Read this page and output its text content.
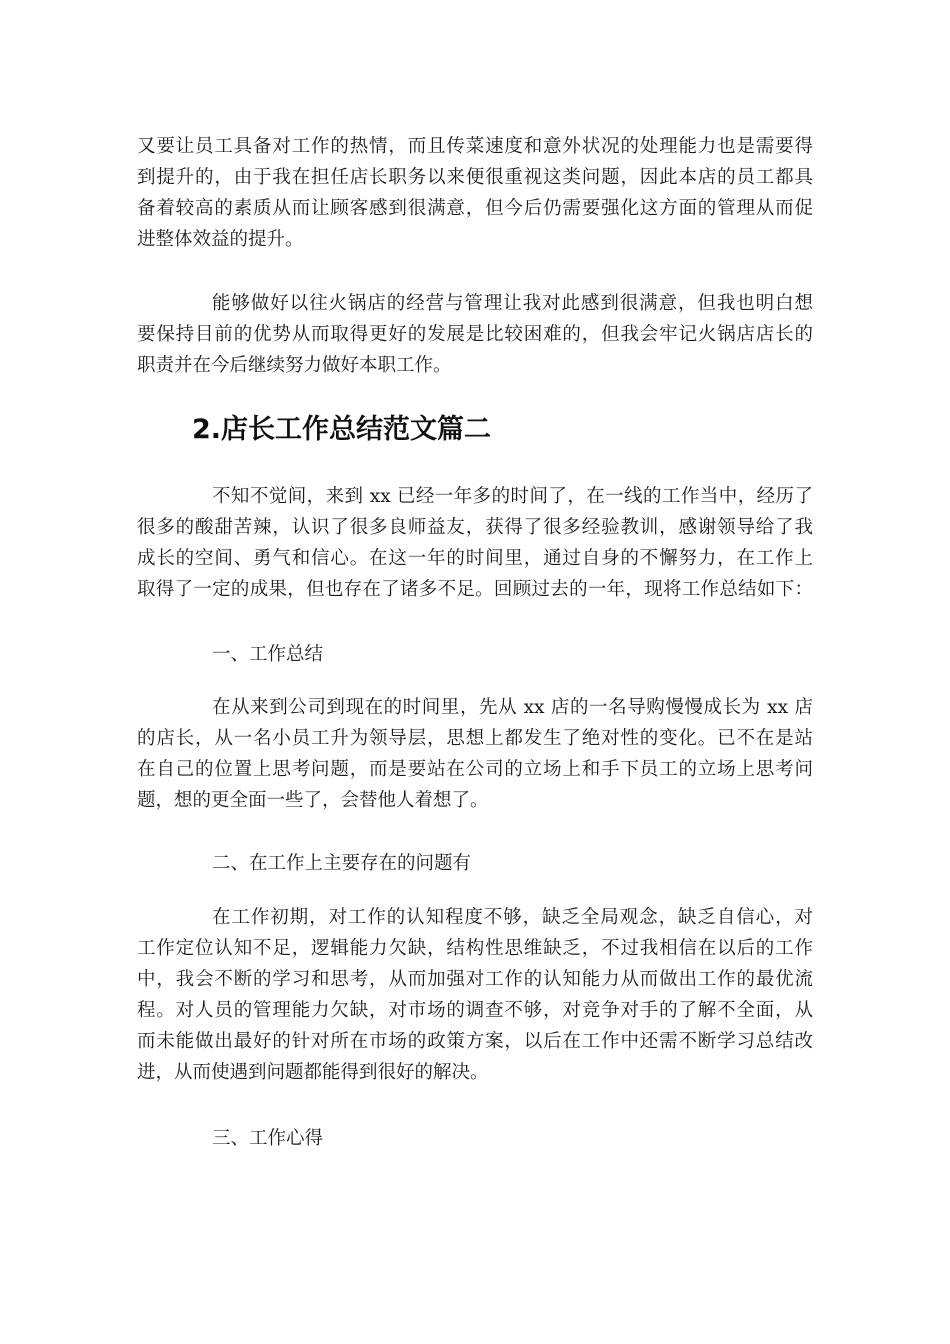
又要让员工具备对工作的热情，而且传菜速度和意外状况的处理能力也是需要得
到提升的，由于我在担任店长职务以来便很重视这类问题，因此本店的员工都具
备着较高的素质从而让顾客感到很满意，但今后仍需要强化这方面的管理从而促
进整体效益的提升。
能够做好以往火锅店的经营与管理让我对此感到很满意，但我也明白想
要保持目前的优势从而取得更好的发展是比较困难的，但我会牢记火锅店店长的
职责并在今后继续努力做好本职工作。
2.店长工作总结范文篇二
不知不觉间，来到 xx 已经一年多的时间了，在一线的工作当中，经历了
很多的酸甜苦辣，认识了很多良师益友，获得了很多经验教训，感谢领导给了我
成长的空间、勇气和信心。在这一年的时间里，通过自身的不懈努力，在工作上
取得了一定的成果，但也存在了诸多不足。回顾过去的一年，现将工作总结如下：

一、工作总结

在从来到公司到现在的时间里，先从 xx 店的一名导购慢慢成长为 xx 店
的店长，从一名小员工升为领导层，思想上都发生了绝对性的变化。已不在是站
在自己的位置上思考问题，而是要站在公司的立场上和手下员工的立场上思考问
题，想的更全面一些了，会替他人着想了。

二、在工作上主要存在的问题有

在工作初期，对工作的认知程度不够，缺乏全局观念，缺乏自信心，对
工作定位认知不足，逻辑能力欠缺，结构性思维缺乏，不过我相信在以后的工作
中，我会不断的学习和思考，从而加强对工作的认知能力从而做出工作的最优流
程。对人员的管理能力欠缺，对市场的调查不够，对竞争对手的了解不全面，从
而未能做出最好的针对所在市场的政策方案，以后在工作中还需不断学习总结改
进，从而使遇到问题都能得到很好的解决。

三、工作心得
